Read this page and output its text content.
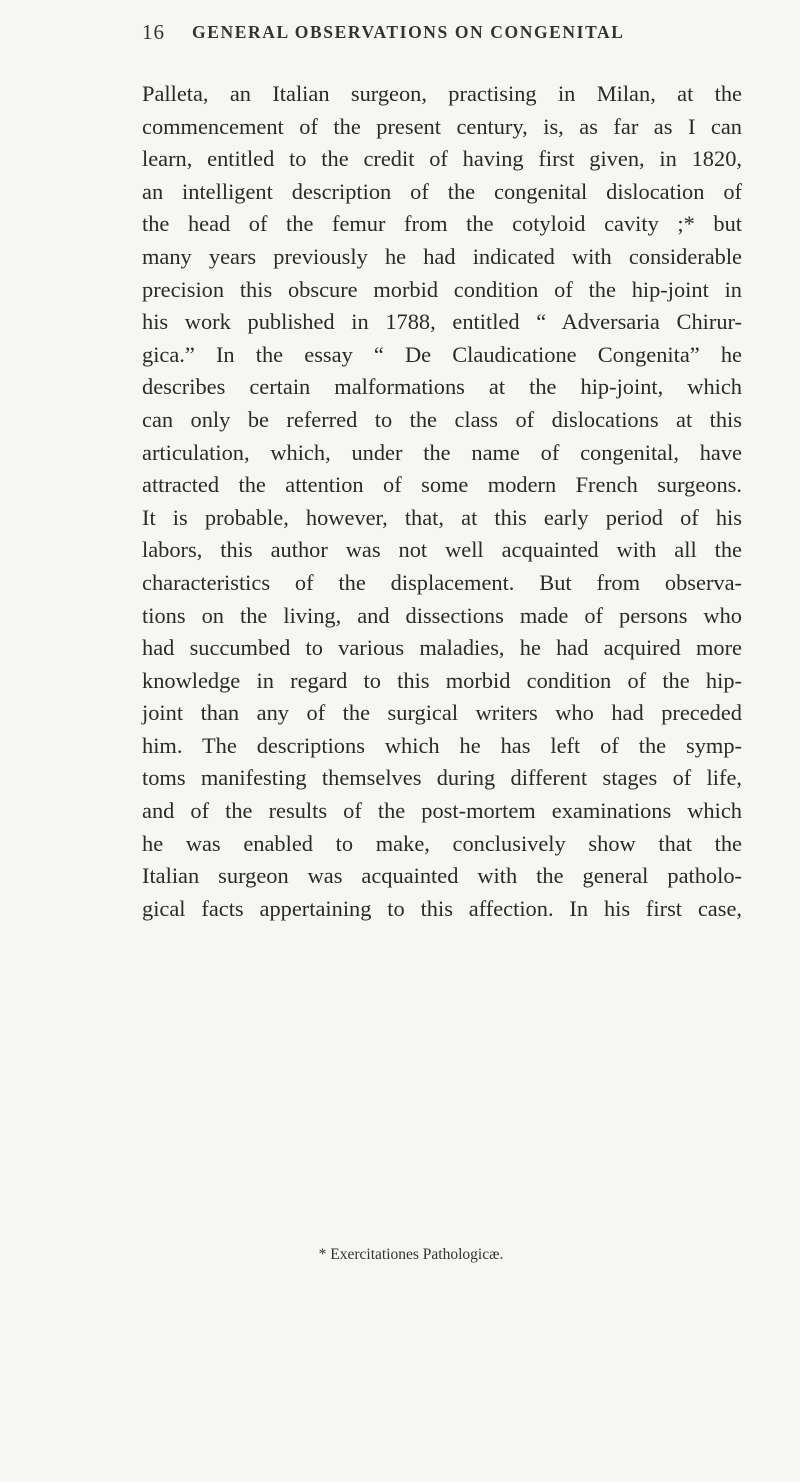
16 GENERAL OBSERVATIONS ON CONGENITAL
Palleta, an Italian surgeon, practising in Milan, at the
commencement of the present century, is, as far as I can
learn, entitled to the credit of having first given, in 1820,
an intelligent description of the congenital dislocation of
the head of the femur from the cotyloid cavity ;* but
many years previously he had indicated with considerable
precision this obscure morbid condition of the hip-joint in
his work published in 1788, entitled “ Adversaria Chirur-
gica.” In the essay “ De Claudicatione Congenita” he
describes certain malformations at the hip-joint, which
can only be referred to the class of dislocations at this
articulation, which, under the name of congenital, have
attracted the attention of some modern French surgeons.
It is probable, however, that, at this early period of his
labors, this author was not well acquainted with all the
characteristics of the displacement. But from observa-
tions on the living, and dissections made of persons who
had succumbed to various maladies, he had acquired more
knowledge in regard to this morbid condition of the hip-
joint than any of the surgical writers who had preceded
him. The descriptions which he has left of the symp-
toms manifesting themselves during different stages of life,
and of the results of the post-mortem examinations which
he was enabled to make, conclusively show that the
Italian surgeon was acquainted with the general patholo-
gical facts appertaining to this affection. In his first case,
* Exercitationes Pathologicæ.
